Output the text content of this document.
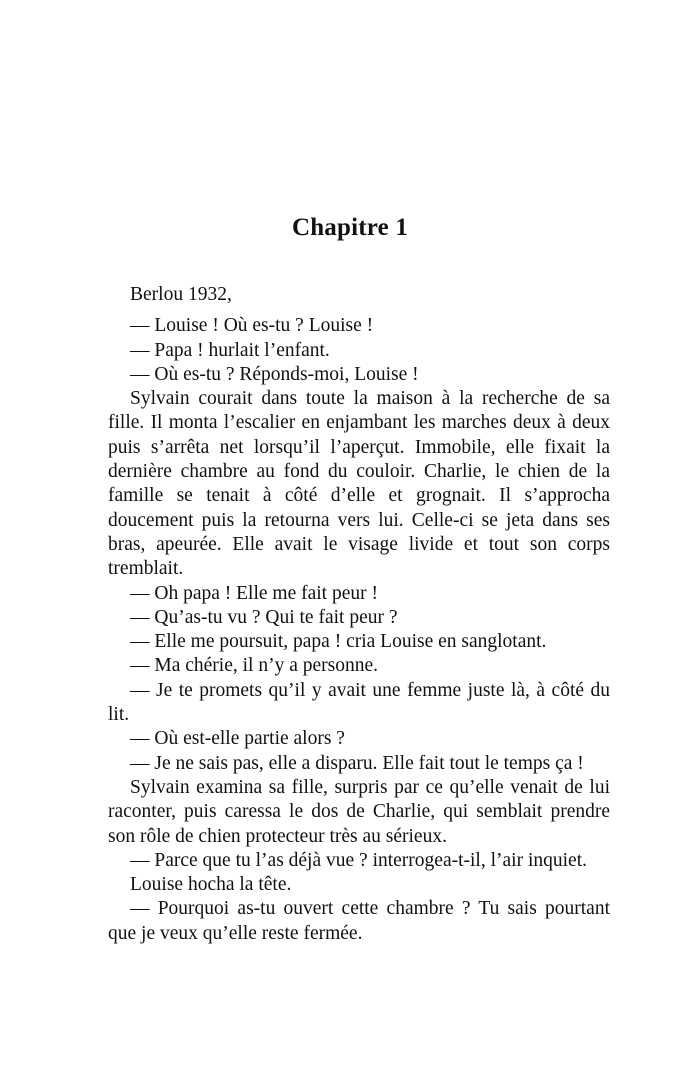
Chapitre 1

Berlou 1932,

— Louise ! Où es-tu ? Louise !

— Papa ! hurlait l’enfant.

— Où es-tu ? Réponds-moi, Louise !

Sylvain courait dans toute la maison à la recherche de sa fille. Il monta l’escalier en enjambant les marches deux à deux puis s’arrêta net lorsqu’il l’aperçut. Immobile, elle fixait la dernière chambre au fond du couloir. Charlie, le chien de la famille se tenait à côté d’elle et grognait. Il s’approcha doucement puis la retourna vers lui. Celle-ci se jeta dans ses bras, apeurée. Elle avait le visage livide et tout son corps tremblait.

— Oh papa ! Elle me fait peur !

— Qu’as-tu vu ? Qui te fait peur ?

— Elle me poursuit, papa ! cria Louise en sanglotant.

— Ma chérie, il n’y a personne.

— Je te promets qu’il y avait une femme juste là, à côté du lit.

— Où est-elle partie alors ?

— Je ne sais pas, elle a disparu. Elle fait tout le temps ça !

Sylvain examina sa fille, surpris par ce qu’elle venait de lui raconter, puis caressa le dos de Charlie, qui semblait prendre son rôle de chien protecteur très au sérieux.

— Parce que tu l’as déjà vue ? interrogea-t-il, l’air inquiet.

Louise hocha la tête.

— Pourquoi as-tu ouvert cette chambre ? Tu sais pourtant que je veux qu’elle reste fermée.
